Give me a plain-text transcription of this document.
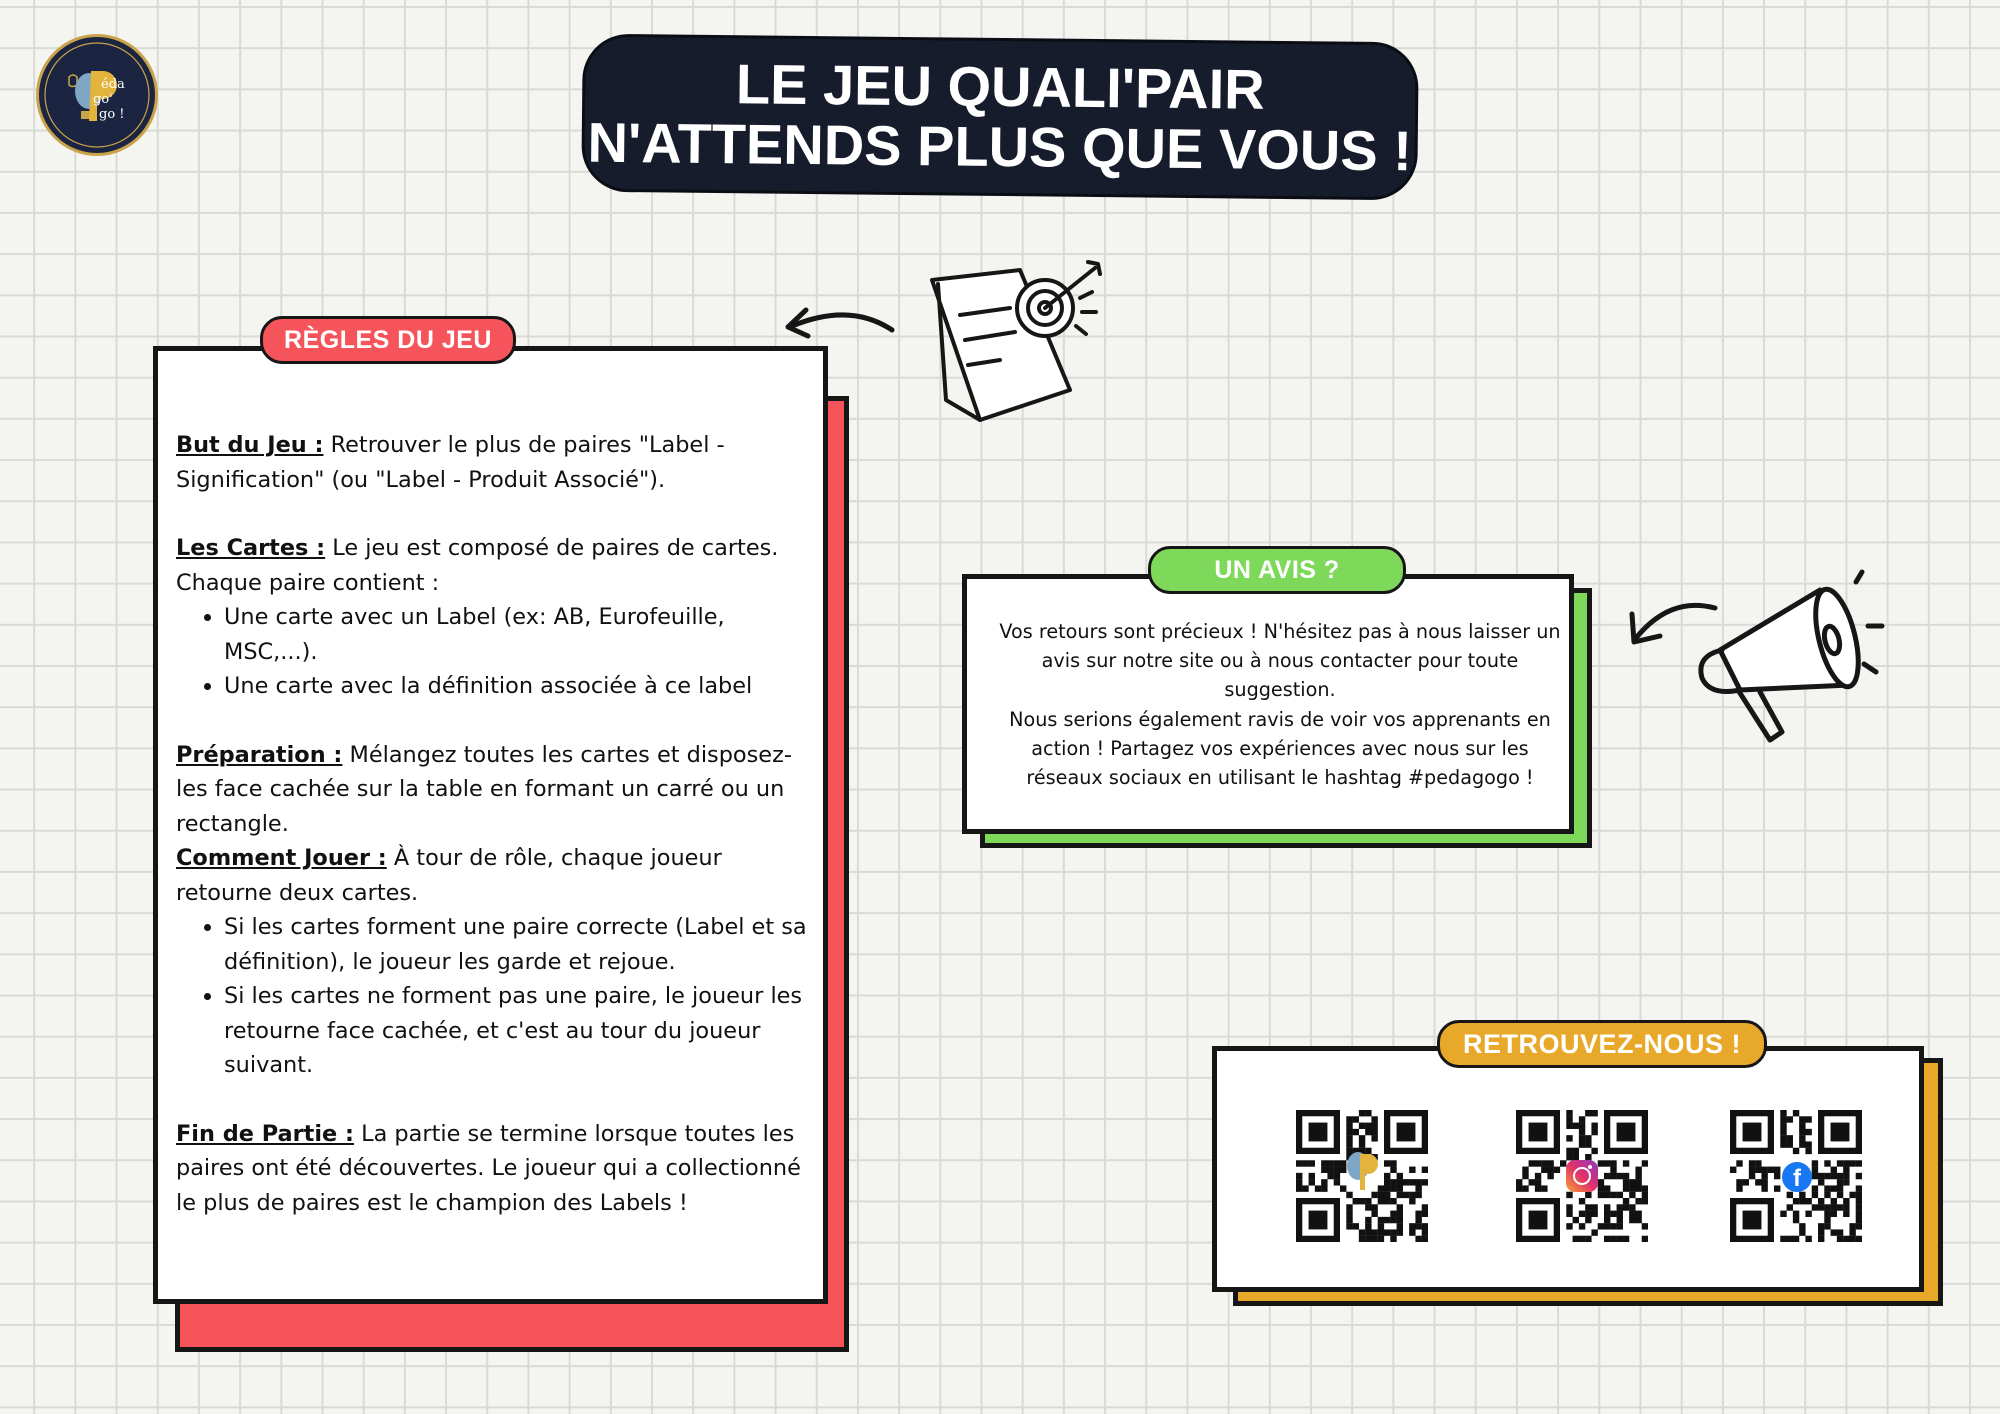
éda
go'
go !	LE JEU QUALI'PAIR
N'ATTENDS PLUS QUE VOUS !
RÈGLES DU JEU

But du Jeu : Retrouver le plus de paires "Label - Signification" (ou "Label - Produit Associé").

Les Cartes : Le jeu est composé de paires de cartes. Chaque paire contient :

• Une carte avec un Label (ex: AB, Eurofeuille, MSC,...).
• Une carte avec la définition associée à ce label

Préparation : Mélangez toutes les cartes et disposez-les face cachée sur la table en formant un carré ou un rectangle.

Comment Jouer : À tour de rôle, chaque joueur retourne deux cartes.

• Si les cartes forment une paire correcte (Label et sa définition), le joueur les garde et rejoue.
• Si les cartes ne forment pas une paire, le joueur les retourne face cachée, et c'est au tour du joueur suivant.

Fin de Partie : La partie se termine lorsque toutes les paires ont été découvertes. Le joueur qui a collectionné le plus de paires est le champion des Labels !

UN AVIS ?

Vos retours sont précieux ! N'hésitez pas à nous laisser un avis sur notre site ou à nous contacter pour toute suggestion.

Nous serions également ravis de voir vos apprenants en action ! Partagez vos expériences avec nous sur les réseaux sociaux en utilisant le hashtag #pedagogo !

RETROUVEZ-NOUS !
f
